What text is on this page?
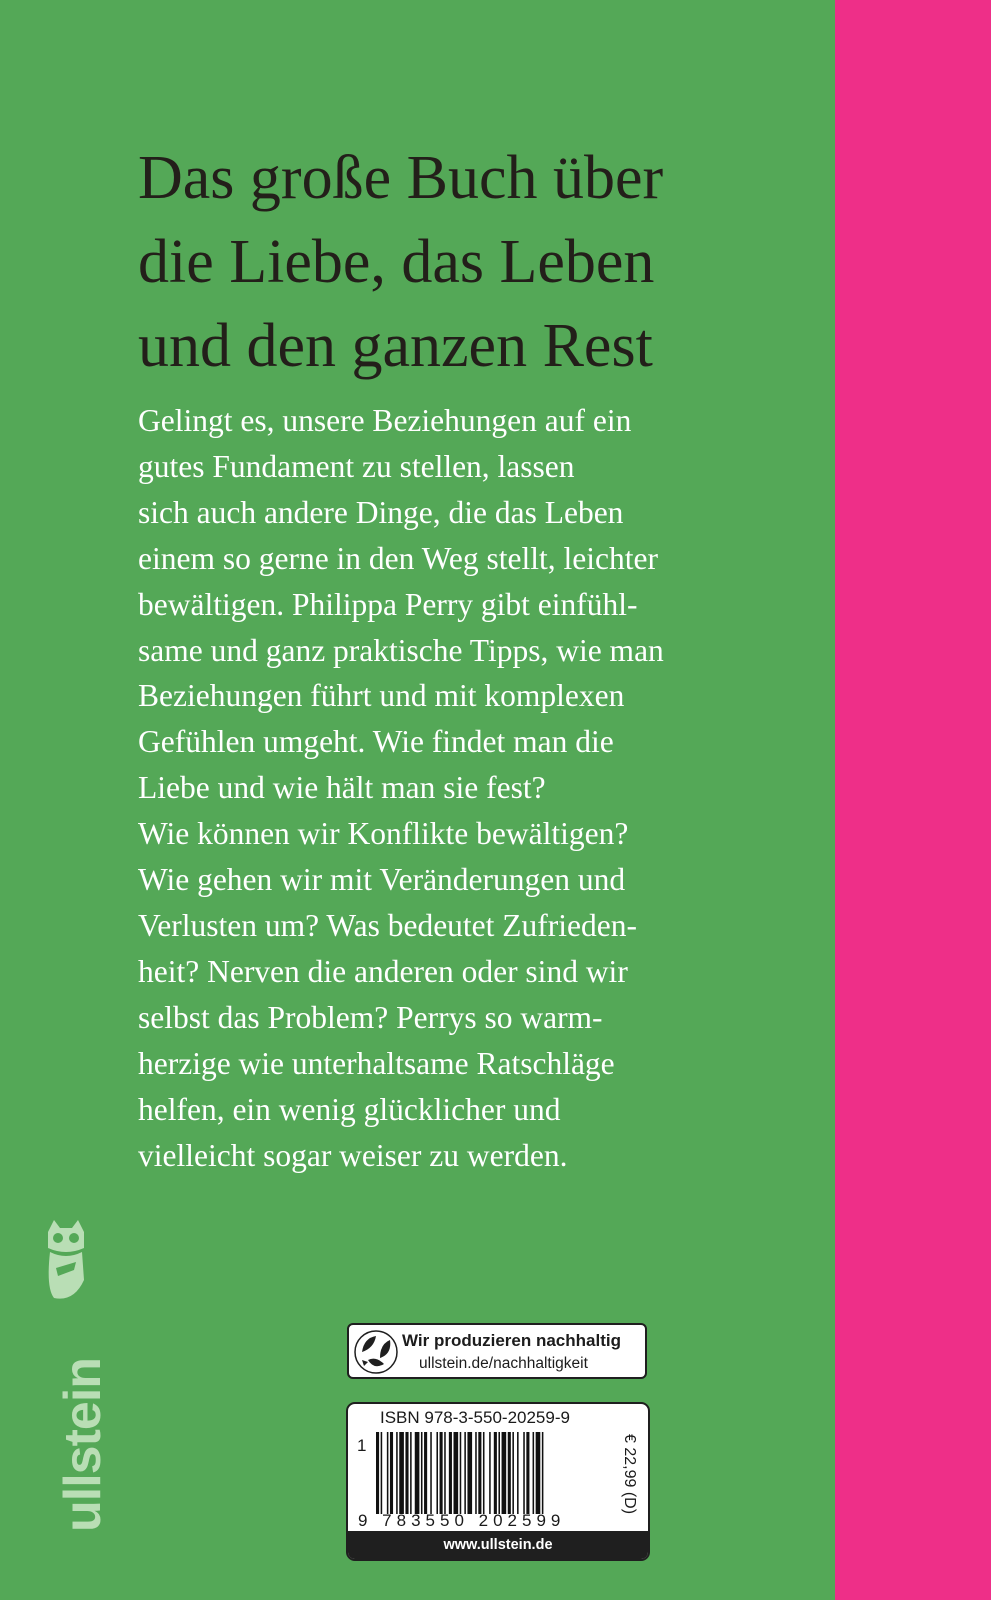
Das große Buch über
die Liebe, das Leben
und den ganzen Rest

Gelingt es, unsere Beziehungen auf ein
gutes Fundament zu stellen, lassen
sich auch andere Dinge, die das Leben
einem so gerne in den Weg stellt, leichter
bewältigen. Philippa Perry gibt einfühl-
same und ganz praktische Tipps, wie man
Beziehungen führt und mit komplexen
Gefühlen umgeht. Wie findet man die
Liebe und wie hält man sie fest?
Wie können wir Konflikte bewältigen?
Wie gehen wir mit Veränderungen und
Verlusten um? Was bedeutet Zufrieden-
heit? Nerven die anderen oder sind wir
selbst das Problem? Perrys so warm-
herzige wie unterhaltsame Ratschläge
helfen, ein wenig glücklicher und
vielleicht sogar weiser zu werden.

ullstein
Wir produzieren nachhaltig
ullstein.de/nachhaltigkeit
ISBN 978-3-550-20259-9
1
9 783550 202599
€ 22,99 (D)
www.ullstein.de
